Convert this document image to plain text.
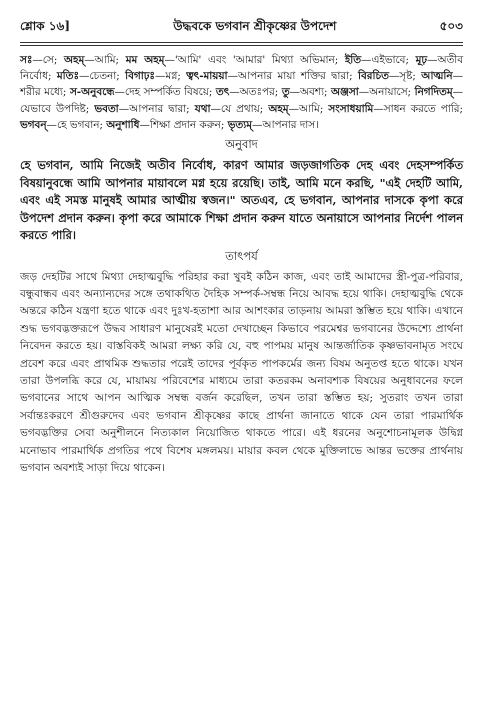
শ্লোক ১৬]	উদ্ধবকে ভগবান শ্রীকৃষ্ণের উপদেশ	৫০৩

সঃ—সে; অহম্—আমি; মম অহম্—'আমি' এবং 'আমার' মিথ্যা অভিমান; ইতি—এইভাবে; মূঢ়—অতীব নির্বোধ; মতিঃ—চেতনা; বিগাঢ়ঃ—মগ্ন; ত্বৎ-মায়য়া—আপনার মায়া শক্তির দ্বারা; বিরচিত—সৃষ্ট; আত্মনি—শরীর মধ্যে; স-অনুবন্ধে—দেহ সম্পর্কিত বিষয়ে; তৎ—অতঃপর; তু—অবশ্য; অঞ্জসা—অনায়াসে; নিগদিতম্—যেভাবে উপদিষ্ট; ভবতা—আপনার দ্বারা; যথা—যে প্রথায়; অহম্—আমি; সংসাধয়ামি—সাধন করতে পারি; ভগবন্—হে ভগবান; অনুশাধি—শিক্ষা প্রদান করুন; ভৃত্যম্—আপনার দাস।

অনুবাদ

হে ভগবান, আমি নিজেই অতীব নির্বোধ, কারণ আমার জড়জাগতিক দেহ এবং দেহসম্পর্কিত বিষয়ানুবন্ধে আমি আপনার মায়াবলে মগ্ন হয়ে রয়েছি। তাই, আমি মনে করছি, "এই দেহটি আমি, এবং এই সমস্ত মানুষই আমার আত্মীয় স্বজন।" অতএব, হে ভগবান, আপনার দাসকে কৃপা করে উপদেশ প্রদান করুন। কৃপা করে আমাকে শিক্ষা প্রদান করুন যাতে অনায়াসে আপনার নির্দেশ পালন করতে পারি।

তাৎপর্য

জড় দেহটির সাথে মিথ্যা দেহাত্মবুদ্ধি পরিহার করা খুবই কঠিন কাজ, এবং তাই আমাদের স্ত্রী-পুত্র-পরিবার, বন্ধুবান্ধব এবং অন্যান্যদের সঙ্গে তথাকথিত দৈহিক সম্পর্ক-সম্বন্ধ নিয়ে আবদ্ধ হয়ে থাকি। দেহাত্মবুদ্ধি থেকে অন্তরে কঠিন যন্ত্রণা হতে থাকে এবং দুঃখ-হতাশা আর আশংকার তাড়নায় আমরা স্তম্ভিত হয়ে থাকি। এখানে শুদ্ধ ভগবদ্ভক্তরূপে উদ্ধব সাধারণ মানুষেরই মতো দেখাচ্ছেন কিভাবে পরমেশ্বর ভগবানের উদ্দেশ্যে প্রার্থনা নিবেদন করতে হয়। বাস্তবিকই আমরা লক্ষ্য করি যে, বহু পাপময় মানুষ আন্তর্জাতিক কৃষ্ণভাবনামৃত সংঘে প্রবেশ করে এবং প্রাথমিক শুদ্ধতার পরেই তাদের পূর্বকৃত পাপকর্মের জন্য বিষম অনুতপ্ত হতে থাকে। যখন তারা উপলব্ধি করে যে, মায়াময় পরিবেশের মাধ্যমে তারা কতরকম অনাবশ্যক বিষয়ের অনুধাবনের ফলে ভগবানের সাথে আপন আত্মিক সম্বন্ধ বর্জন করেছিল, তখন তারা স্তম্ভিত হয়; সুতরাং তখন তারা সর্বান্তঃকরণে শ্রীগুরুদেব এবং ভগবান শ্রীকৃষ্ণের কাছে প্রার্থনা জানাতে থাকে যেন তারা পারমার্থিক ভগবদ্ভক্তির সেবা অনুশীলনে নিত্যকাল নিয়োজিত থাকতে পারে। এই ধরনের অনুশোচনামূলক উদ্বিগ্ন মনোভাব পারমার্থিক প্রগতির পথে বিশেষ মঙ্গলময়। মায়ার কবল থেকে মুক্তিলাভে আন্তর ভক্তের প্রার্থনায় ভগবান অবশ্যই সাড়া দিয়ে থাকেন।
